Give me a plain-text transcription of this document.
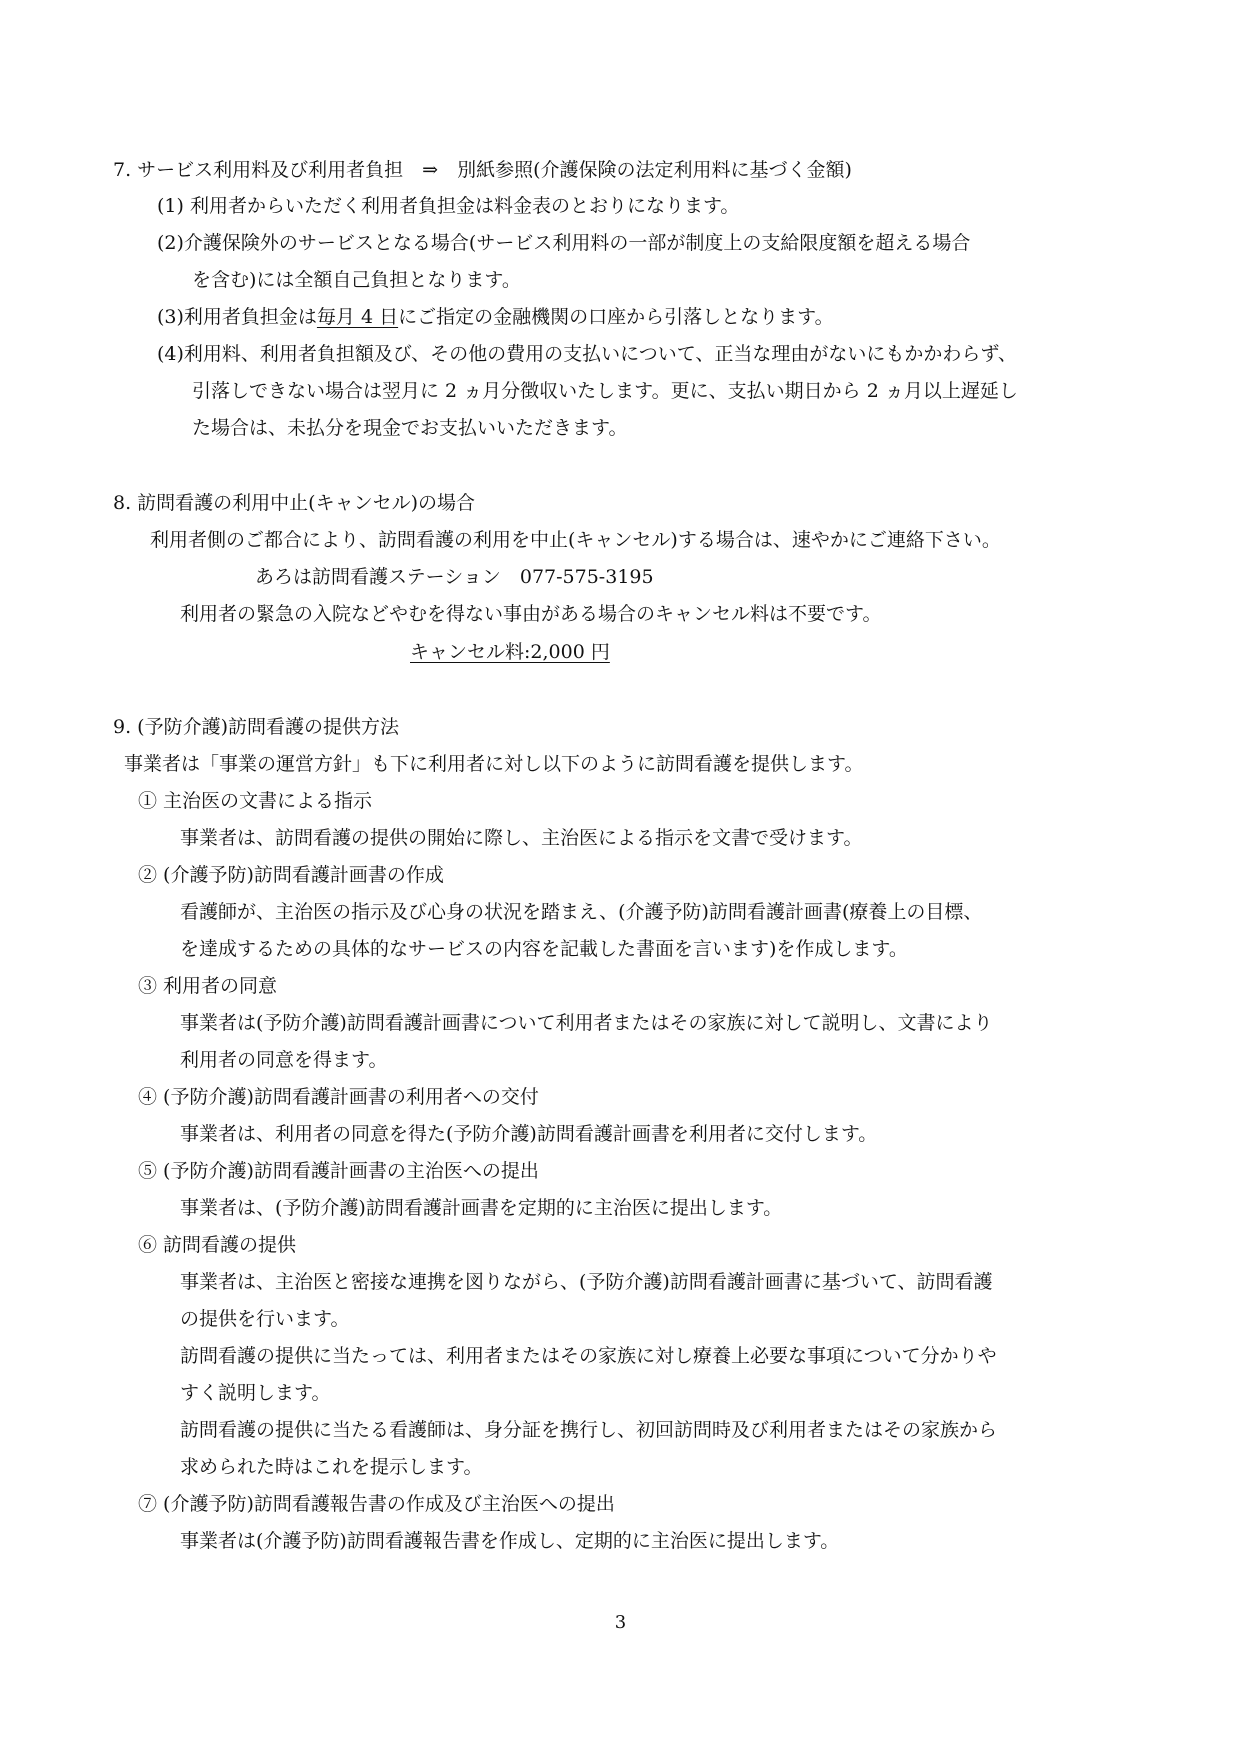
7. サービス利用料及び利用者負担　⇒　別紙参照(介護保険の法定利用料に基づく金額)
(1) 利用者からいただく利用者負担金は料金表のとおりになります。
(2)介護保険外のサービスとなる場合(サービス利用料の一部が制度上の支給限度額を超える場合
を含む)には全額自己負担となります。
(3)利用者負担金は毎月 4 日にご指定の金融機関の口座から引落しとなります。
(4)利用料、利用者負担額及び、その他の費用の支払いについて、正当な理由がないにもかかわらず、
引落しできない場合は翌月に 2 ヵ月分徴収いたします。更に、支払い期日から 2 ヵ月以上遅延し
た場合は、未払分を現金でお支払いいただきます。
8. 訪問看護の利用中止(キャンセル)の場合
利用者側のご都合により、訪問看護の利用を中止(キャンセル)する場合は、速やかにご連絡下さい。
あろは訪問看護ステーション　077-575-3195
利用者の緊急の入院などやむを得ない事由がある場合のキャンセル料は不要です。
キャンセル料:2,000 円
9. (予防介護)訪問看護の提供方法
事業者は「事業の運営方針」も下に利用者に対し以下のように訪問看護を提供します。
① 主治医の文書による指示
事業者は、訪問看護の提供の開始に際し、主治医による指示を文書で受けます。
② (介護予防)訪問看護計画書の作成
看護師が、主治医の指示及び心身の状況を踏まえ、(介護予防)訪問看護計画書(療養上の目標、
を達成するための具体的なサービスの内容を記載した書面を言います)を作成します。
③ 利用者の同意
事業者は(予防介護)訪問看護計画書について利用者またはその家族に対して説明し、文書により
利用者の同意を得ます。
④ (予防介護)訪問看護計画書の利用者への交付
事業者は、利用者の同意を得た(予防介護)訪問看護計画書を利用者に交付します。
⑤ (予防介護)訪問看護計画書の主治医への提出
事業者は、(予防介護)訪問看護計画書を定期的に主治医に提出します。
⑥ 訪問看護の提供
事業者は、主治医と密接な連携を図りながら、(予防介護)訪問看護計画書に基づいて、訪問看護
の提供を行います。
訪問看護の提供に当たっては、利用者またはその家族に対し療養上必要な事項について分かりや
すく説明します。
訪問看護の提供に当たる看護師は、身分証を携行し、初回訪問時及び利用者またはその家族から
求められた時はこれを提示します。
⑦ (介護予防)訪問看護報告書の作成及び主治医への提出
事業者は(介護予防)訪問看護報告書を作成し、定期的に主治医に提出します。
3
